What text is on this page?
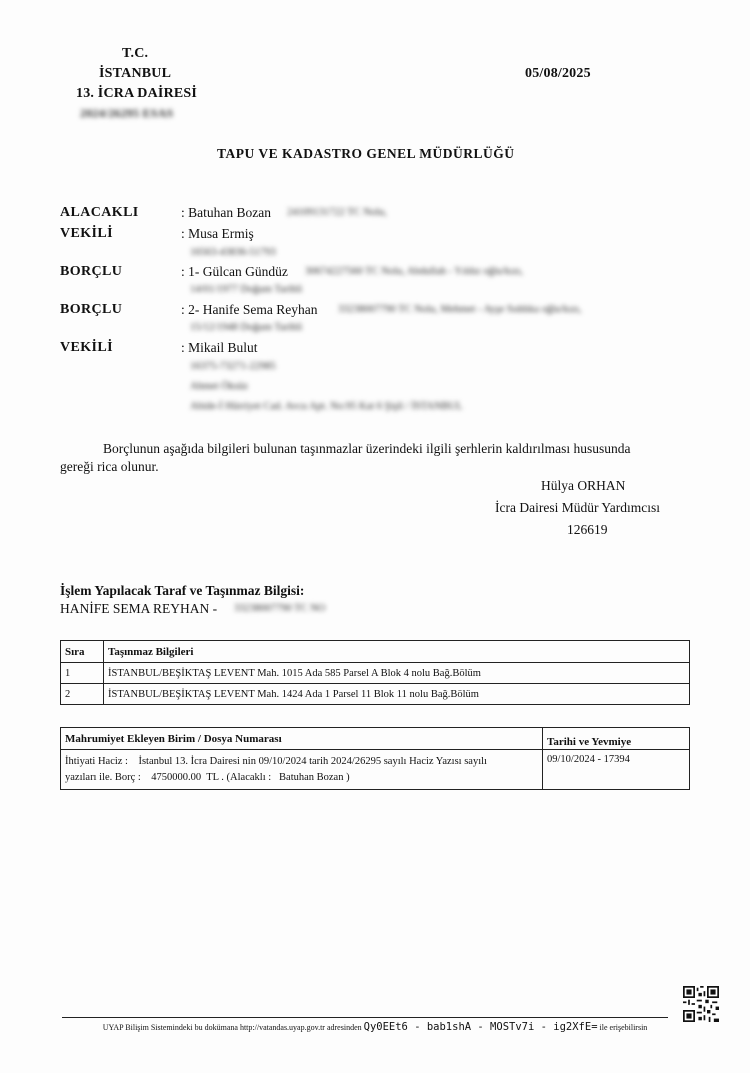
T.C.
İSTANBUL
13. İCRA DAİRESİ
2024/26295 ESAS
05/08/2025
TAPU VE KADASTRO GENEL MÜDÜRLÜĞÜ
ALACAKLI	: Batuhan Bozan 24109131722 TC Nolu,
VEKİLİ	: Musa Ermiş
16563-43836-51793
BORÇLU	: 1- Gülcan Gündüz 30674227560 TC Nolu, Abdullah - Yıldız oğlu/kızı,
14/01/1977 Doğum Tarihli
BORÇLU	: 2- Hanife Sema Reyhan 33238007790 TC Nolu, Mehmet - Ayşe Sıddıka oğlu/kızı,
15/12/1948 Doğum Tarihli
VEKİLİ	: Mikail Bulut
16375-73271-22985
Ahmet Öksüz
Abide-İ Hürriyet Cad. Avcu Apt. No:95 Kat 6 Şişli / İSTANBUL
Borçlunun aşağıda bilgileri bulunan taşınmazlar üzerindeki ilgili şerhlerin kaldırılması hususunda
gereği rica olunur.
Hülya ORHAN
İcra Dairesi Müdür Yardımcısı
126619
İşlem Yapılacak Taraf ve Taşınmaz Bilgisi:
HANİFE SEMA REYHAN - 33238007790 TC NO
Sıra	Taşınmaz Bilgileri
1	İSTANBUL/BEŞİKTAŞ LEVENT Mah. 1015 Ada 585 Parsel A Blok 4 nolu Bağ.Bölüm
2	İSTANBUL/BEŞİKTAŞ LEVENT Mah. 1424 Ada 1 Parsel 11 Blok 11 nolu Bağ.Bölüm
Mahrumiyet Ekleyen Birim / Dosya Numarası	Tarihi ve Yevmiye

İhtiyati Haciz :    İstanbul 13. İcra Dairesi nin 09/10/2024 tarih 2024/26295 sayılı Haciz Yazısı sayılı
yazıları ile. Borç :    4750000.00  TL . (Alacaklı :   Batuhan Bozan )	09/10/2024 - 17394
UYAP Bilişim Sistemindeki bu dokümana http://vatandas.uyap.gov.tr adresinden Qy0EEt6 - bab1shA - MOSTv7i - ig2XfE= ile erişebilirsin
